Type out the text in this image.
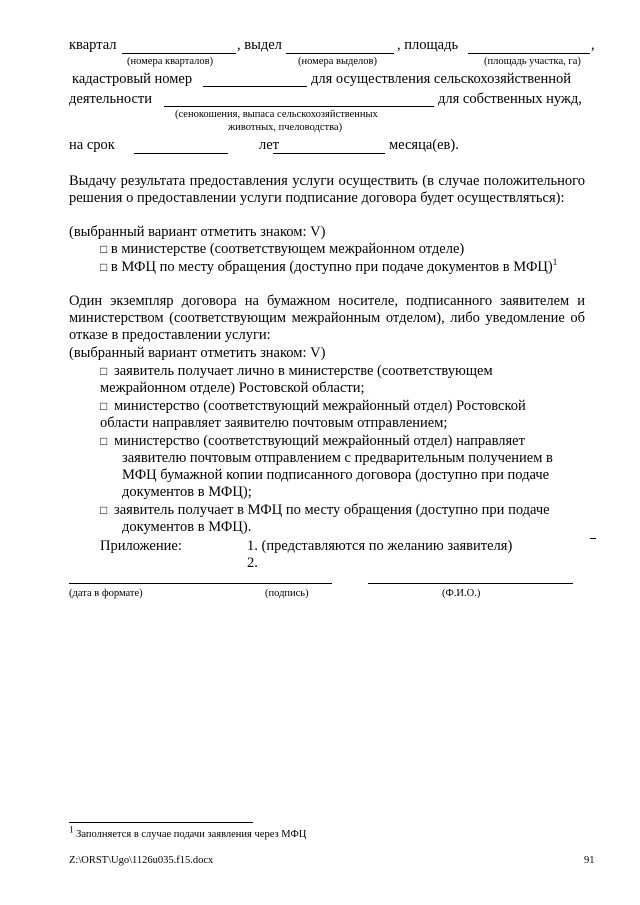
квартал	, выдел	, площадь	,
(номера кварталов)	(номера выделов)	(площадь участка, га)
кадастровый номер	для осуществления сельскохозяйственной
деятельности	для собственных нужд,
(сенокошения, выпаса сельскохозяйственных
животных, пчеловодства)
на срок	лет	месяца(ев).
Выдачу результата предоставления услуги осуществить (в случае положительного решения о предоставлении услуги подписание договора будет осуществляться):
(выбранный вариант отметить знаком: V)
□ в министерстве (соответствующем межрайонном отделе)
□ в МФЦ по месту обращения (доступно при подаче документов в МФЦ)$^1$
Один экземпляр договора на бумажном носителе, подписанного заявителем и министерством (соответствующим межрайонным отделом), либо уведомление об отказе в предоставлении услуги:
(выбранный вариант отметить знаком: V)
□ заявитель получает лично в министерстве (соответствующем
межрайонном отделе) Ростовской области;
□ министерство (соответствующий межрайонный отдел) Ростовской
области направляет заявителю почтовым отправлением;
□ министерство (соответствующий межрайонный отдел) направляет
заявителю почтовым отправлением с предварительным получением в
МФЦ бумажной копии подписанного договора (доступно при подаче
документов в МФЦ);
□ заявитель получает в МФЦ по месту обращения (доступно при подаче
документов в МФЦ).
Приложение:	1. (представляются по желанию заявителя)
2.
(дата в формате)	(подпись)	(Ф.И.О.)
$^1$ Заполняется в случае подачи заявления через МФЦ
Z:\ORST\Ugo\1126u035.f15.docx	91
